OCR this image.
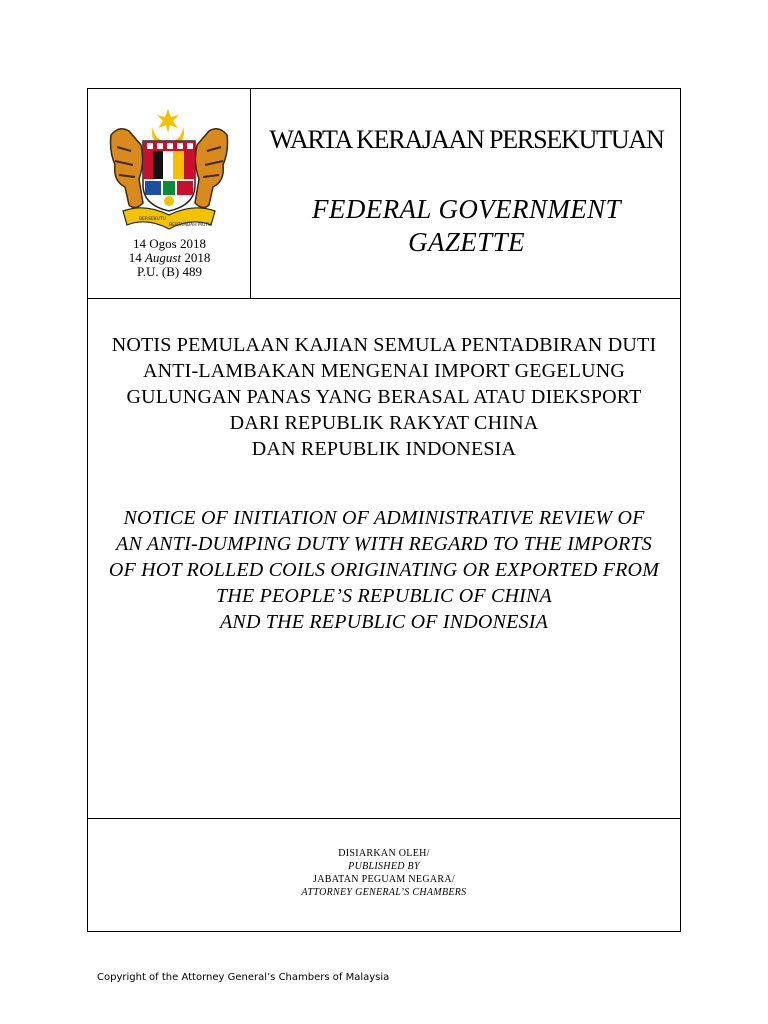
BERSEKUTU
BERTAMBAH MUTU
14 Ogos 2018
14 August 2018
P.U. (B) 489
WARTA KERAJAAN PERSEKUTUAN
FEDERAL GOVERNMENT
GAZETTE
NOTIS PEMULAAN KAJIAN SEMULA PENTADBIRAN DUTI
ANTI-LAMBAKAN MENGENAI IMPORT GEGELUNG
GULUNGAN PANAS YANG BERASAL ATAU DIEKSPORT
DARI REPUBLIK RAKYAT CHINA
DAN REPUBLIK INDONESIA
NOTICE OF INITIATION OF ADMINISTRATIVE REVIEW OF
AN ANTI-DUMPING DUTY WITH REGARD TO THE IMPORTS
OF HOT ROLLED COILS ORIGINATING OR EXPORTED FROM
THE PEOPLE’S REPUBLIC OF CHINA
AND THE REPUBLIC OF INDONESIA
DISIARKAN OLEH/
PUBLISHED BY
JABATAN PEGUAM NEGARA/
ATTORNEY GENERAL’S CHAMBERS
Copyright of the Attorney General’s Chambers of Malaysia
